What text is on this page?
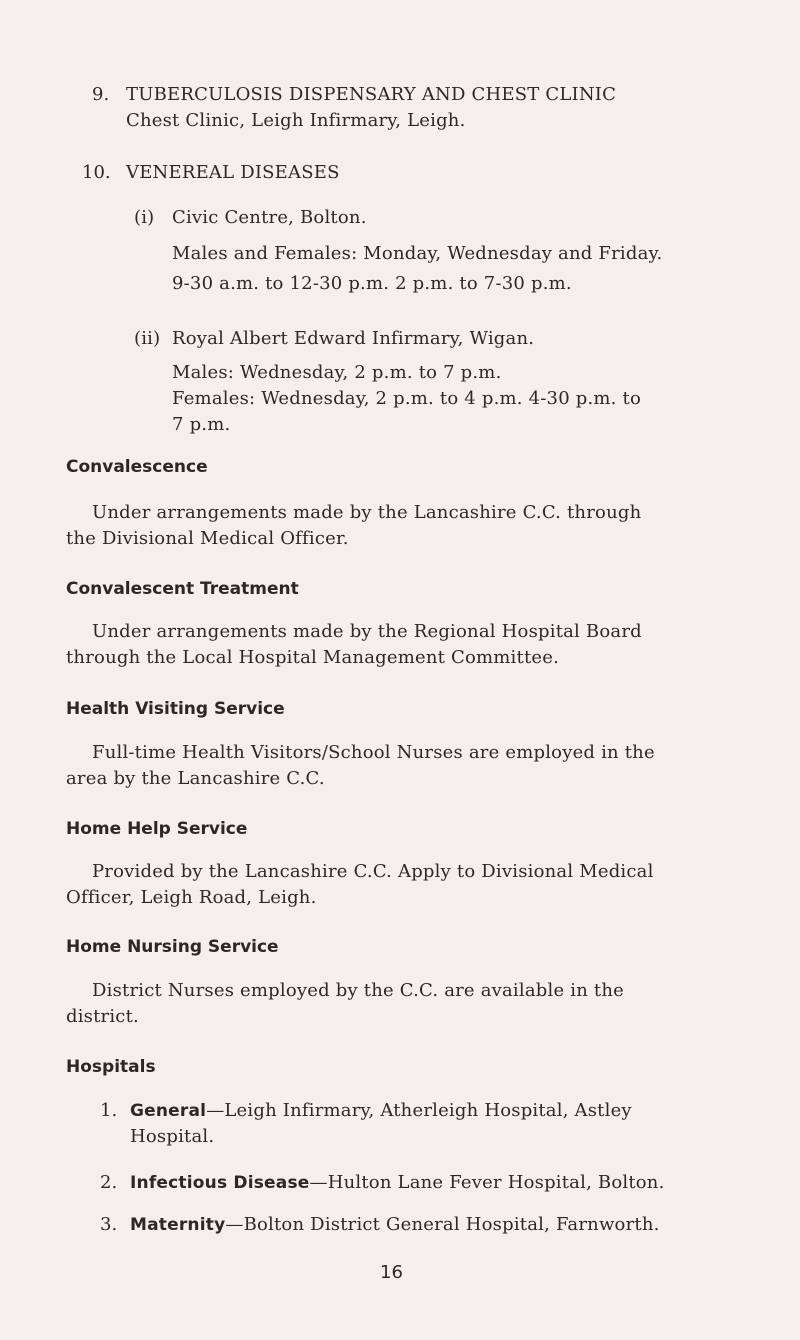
9. TUBERCULOSIS DISPENSARY AND CHEST CLINIC
Chest Clinic, Leigh Infirmary, Leigh.
10. VENEREAL DISEASES
(i) Civic Centre, Bolton.
Males and Females: Monday, Wednesday and Friday.
9-30 a.m. to 12-30 p.m. 2 p.m. to 7-30 p.m.
(ii) Royal Albert Edward Infirmary, Wigan.
Males: Wednesday, 2 p.m. to 7 p.m.
Females: Wednesday, 2 p.m. to 4 p.m. 4-30 p.m. to
7 p.m.
Convalescence
Under arrangements made by the Lancashire C.C. through
the Divisional Medical Officer.
Convalescent Treatment
Under arrangements made by the Regional Hospital Board
through the Local Hospital Management Committee.
Health Visiting Service
Full-time Health Visitors/School Nurses are employed in the
area by the Lancashire C.C.
Home Help Service
Provided by the Lancashire C.C. Apply to Divisional Medical
Officer, Leigh Road, Leigh.
Home Nursing Service
District Nurses employed by the C.C. are available in the
district.
Hospitals
1. General—Leigh Infirmary, Atherleigh Hospital, Astley
Hospital.
2. Infectious Disease—Hulton Lane Fever Hospital, Bolton.
3. Maternity—Bolton District General Hospital, Farnworth.
16
